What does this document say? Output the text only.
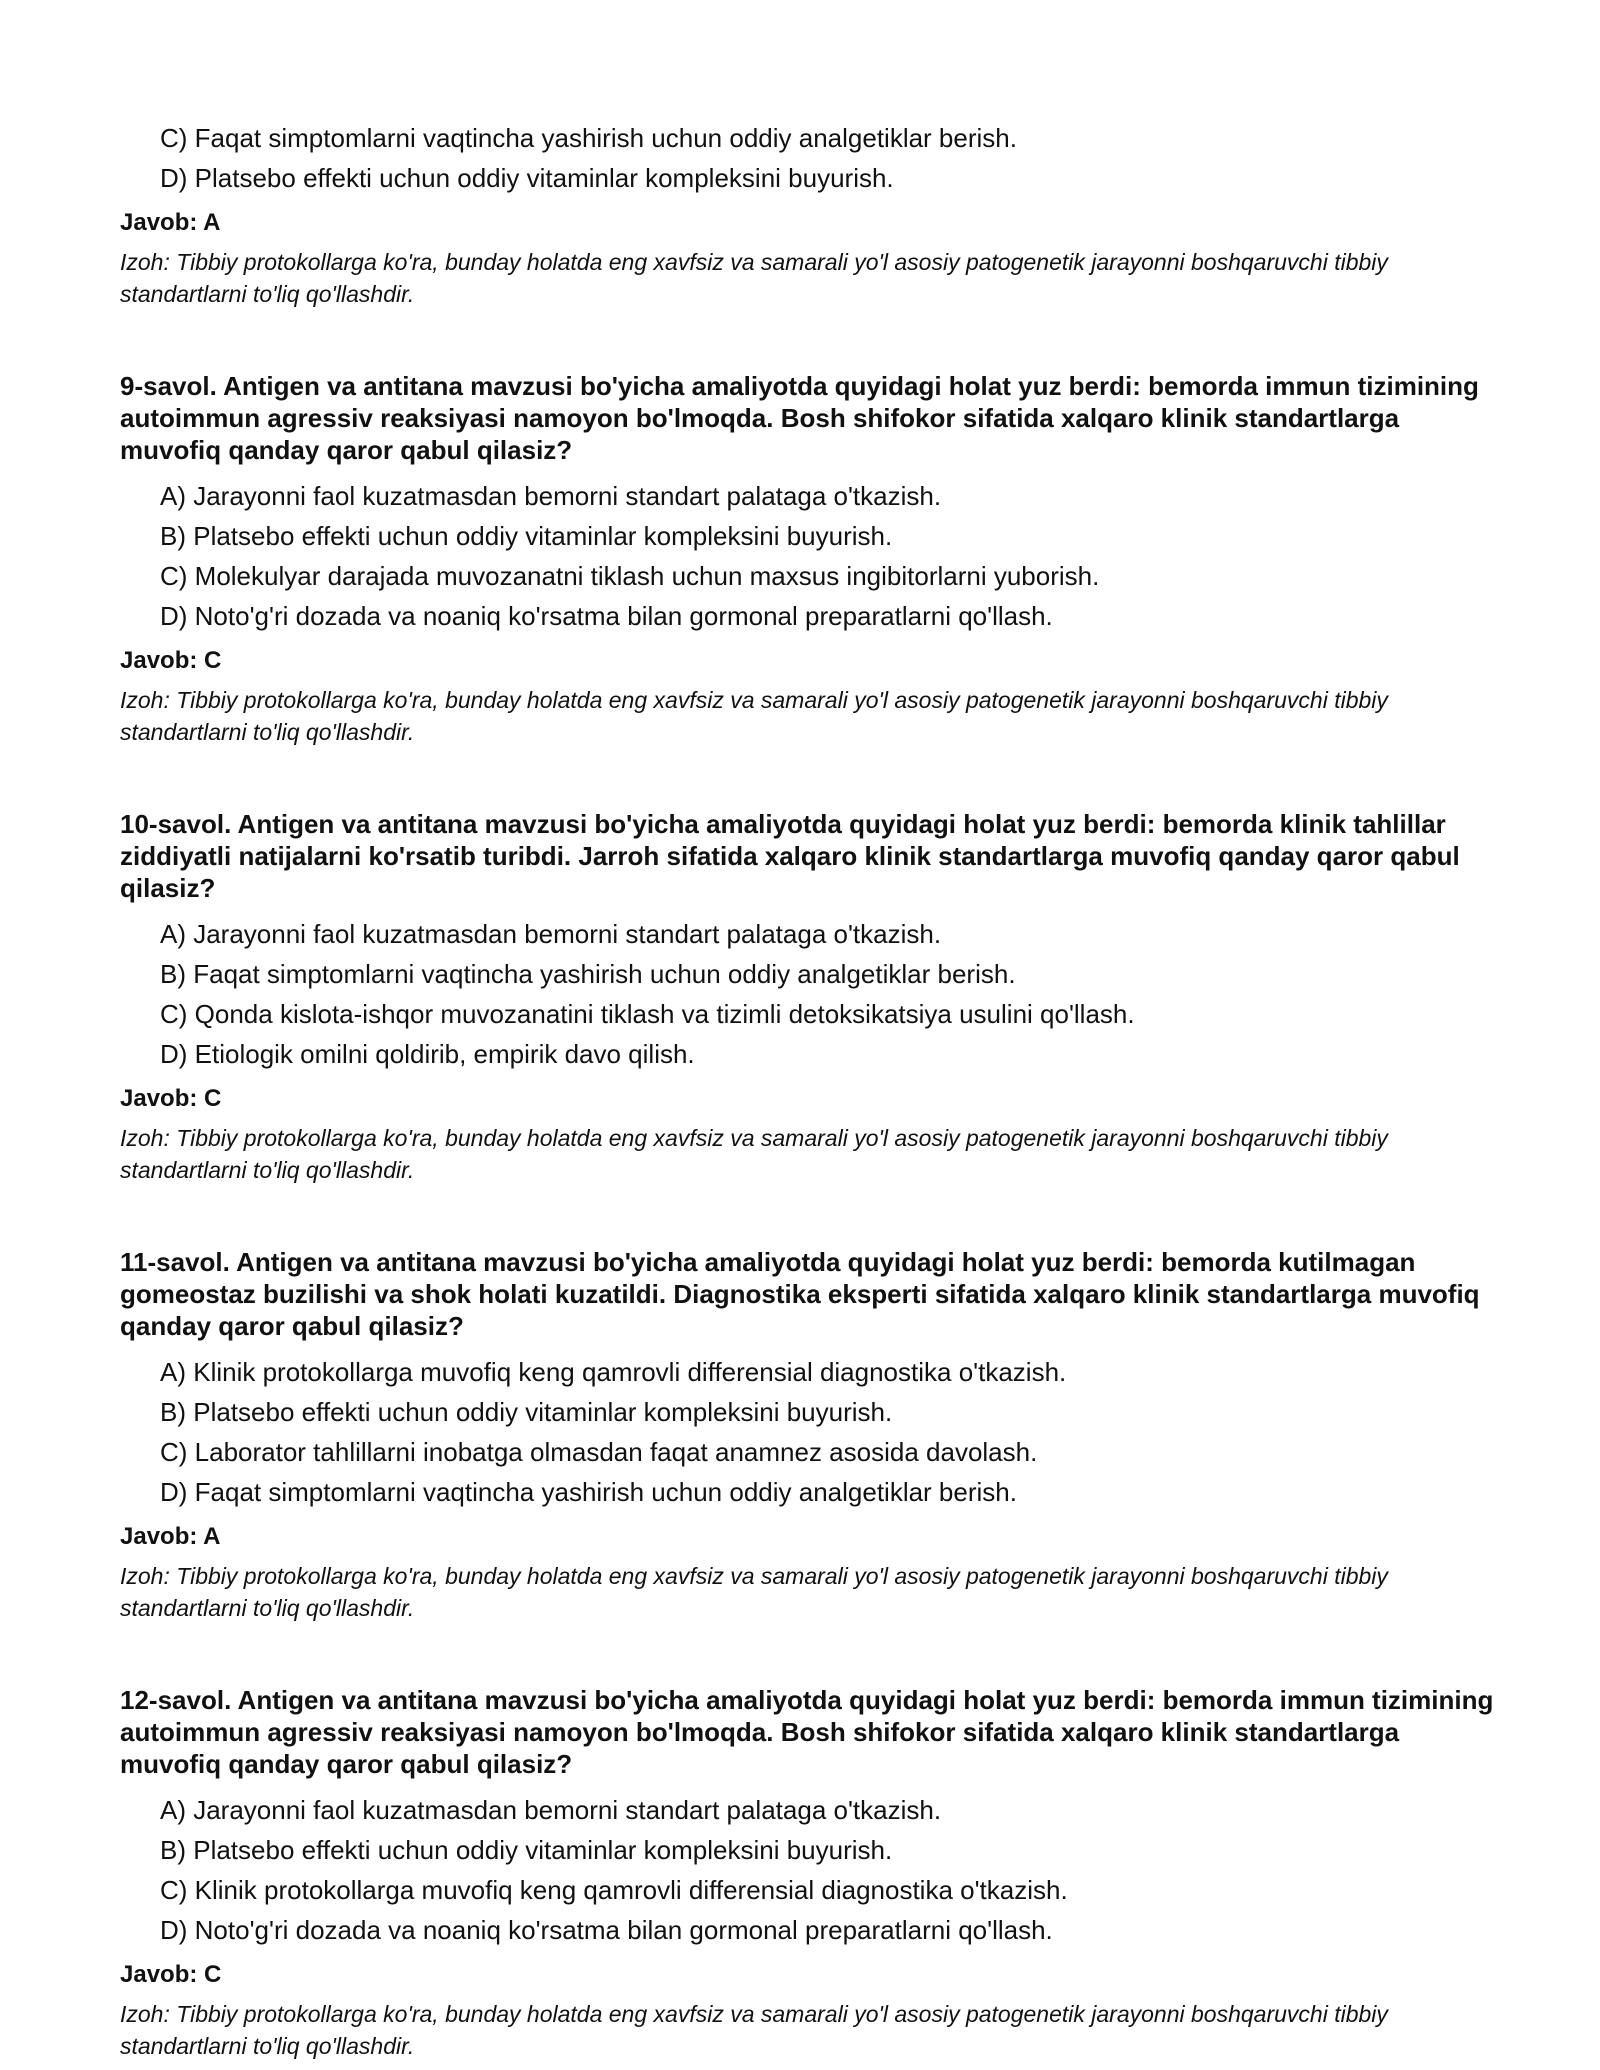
C) Faqat simptomlarni vaqtincha yashirish uchun oddiy analgetiklar berish.
D) Platsebo effekti uchun oddiy vitaminlar kompleksini buyurish.
Javob: A
Izoh: Tibbiy protokollarga ko'ra, bunday holatda eng xavfsiz va samarali yo'l asosiy patogenetik jarayonni boshqaruvchi tibbiy standartlarni to'liq qo'llashdir.
9-savol. Antigen va antitana mavzusi bo'yicha amaliyotda quyidagi holat yuz berdi: bemorda immun tizimining autoimmun agressiv reaksiyasi namoyon bo'lmoqda. Bosh shifokor sifatida xalqaro klinik standartlarga muvofiq qanday qaror qabul qilasiz?
A) Jarayonni faol kuzatmasdan bemorni standart palataga o'tkazish.
B) Platsebo effekti uchun oddiy vitaminlar kompleksini buyurish.
C) Molekulyar darajada muvozanatni tiklash uchun maxsus ingibitorlarni yuborish.
D) Noto'g'ri dozada va noaniq ko'rsatma bilan gormonal preparatlarni qo'llash.
Javob: C
Izoh: Tibbiy protokollarga ko'ra, bunday holatda eng xavfsiz va samarali yo'l asosiy patogenetik jarayonni boshqaruvchi tibbiy standartlarni to'liq qo'llashdir.
10-savol. Antigen va antitana mavzusi bo'yicha amaliyotda quyidagi holat yuz berdi: bemorda klinik tahlillar ziddiyatli natijalarni ko'rsatib turibdi. Jarroh sifatida xalqaro klinik standartlarga muvofiq qanday qaror qabul qilasiz?
A) Jarayonni faol kuzatmasdan bemorni standart palataga o'tkazish.
B) Faqat simptomlarni vaqtincha yashirish uchun oddiy analgetiklar berish.
C) Qonda kislota-ishqor muvozanatini tiklash va tizimli detoksikatsiya usulini qo'llash.
D) Etiologik omilni qoldirib, empirik davo qilish.
Javob: C
Izoh: Tibbiy protokollarga ko'ra, bunday holatda eng xavfsiz va samarali yo'l asosiy patogenetik jarayonni boshqaruvchi tibbiy standartlarni to'liq qo'llashdir.
11-savol. Antigen va antitana mavzusi bo'yicha amaliyotda quyidagi holat yuz berdi: bemorda kutilmagan gomeostaz buzilishi va shok holati kuzatildi. Diagnostika eksperti sifatida xalqaro klinik standartlarga muvofiq qanday qaror qabul qilasiz?
A) Klinik protokollarga muvofiq keng qamrovli differensial diagnostika o'tkazish.
B) Platsebo effekti uchun oddiy vitaminlar kompleksini buyurish.
C) Laborator tahlillarni inobatga olmasdan faqat anamnez asosida davolash.
D) Faqat simptomlarni vaqtincha yashirish uchun oddiy analgetiklar berish.
Javob: A
Izoh: Tibbiy protokollarga ko'ra, bunday holatda eng xavfsiz va samarali yo'l asosiy patogenetik jarayonni boshqaruvchi tibbiy standartlarni to'liq qo'llashdir.
12-savol. Antigen va antitana mavzusi bo'yicha amaliyotda quyidagi holat yuz berdi: bemorda immun tizimining autoimmun agressiv reaksiyasi namoyon bo'lmoqda. Bosh shifokor sifatida xalqaro klinik standartlarga muvofiq qanday qaror qabul qilasiz?
A) Jarayonni faol kuzatmasdan bemorni standart palataga o'tkazish.
B) Platsebo effekti uchun oddiy vitaminlar kompleksini buyurish.
C) Klinik protokollarga muvofiq keng qamrovli differensial diagnostika o'tkazish.
D) Noto'g'ri dozada va noaniq ko'rsatma bilan gormonal preparatlarni qo'llash.
Javob: C
Izoh: Tibbiy protokollarga ko'ra, bunday holatda eng xavfsiz va samarali yo'l asosiy patogenetik jarayonni boshqaruvchi tibbiy standartlarni to'liq qo'llashdir.
